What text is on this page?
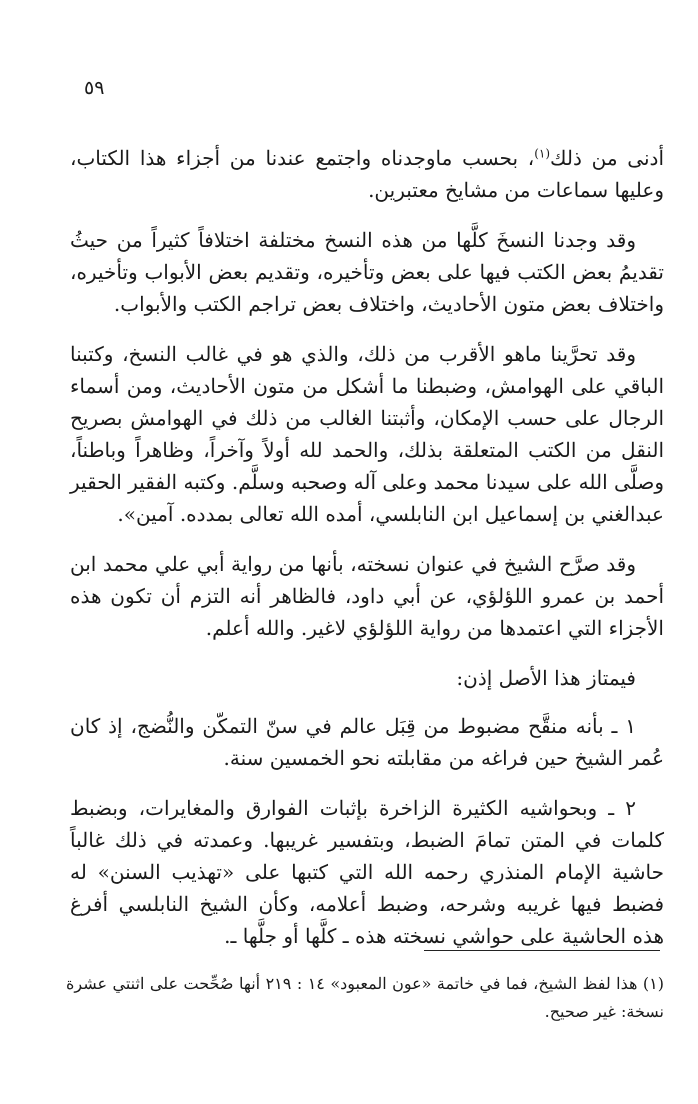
٥٩

أدنى من ذلك$^{(١)}$، بحسب ماوجدناه واجتمع عندنا من أجزاء هذا الكتاب، وعليها سماعات من مشايخ معتبرين.

وقد وجدنا النسخَ كلَّها من هذه النسخ مختلفة اختلافاً كثيراً من حيثُ تقديمُ بعض الكتب فيها على بعض وتأخيره، وتقديم بعض الأبواب وتأخيره، واختلاف بعض متون الأحاديث، واختلاف بعض تراجم الكتب والأبواب.

وقد تحرَّينا ماهو الأقرب من ذلك، والذي هو في غالب النسخ، وكتبنا الباقي على الهوامش، وضبطنا ما أشكل من متون الأحاديث، ومن أسماء الرجال على حسب الإمكان، وأثبتنا الغالب من ذلك في الهوامش بصريح النقل من الكتب المتعلقة بذلك، والحمد لله أولاً وآخراً، وظاهراً وباطناً، وصلَّى الله على سيدنا محمد وعلى آله وصحبه وسلَّم. وكتبه الفقير الحقير عبدالغني بن إسماعيل ابن النابلسي، أمده الله تعالى بمدده. آمين».

وقد صرَّح الشيخ في عنوان نسخته، بأنها من رواية أبي علي محمد ابن أحمد بن عمرو اللؤلؤي، عن أبي داود، فالظاهر أنه التزم أن تكون هذه الأجزاء التي اعتمدها من رواية اللؤلؤي لاغير. والله أعلم.

فيمتاز هذا الأصل إذن:

١ ـ بأنه منقَّح مضبوط من قِبَل عالم في سنّ التمكّن والنُّضج، إذ كان عُمر الشيخ حين فراغه من مقابلته نحو الخمسين سنة.

٢ ـ وبحواشيه الكثيرة الزاخرة بإثبات الفوارق والمغايرات، وبضبط كلمات في المتن تمامَ الضبط، وبتفسير غريبها. وعمدته في ذلك غالباً حاشية الإمام المنذري رحمه الله التي كتبها على «تهذيب السنن» له فضبط فيها غريبه وشرحه، وضبط أعلامه، وكأن الشيخ النابلسي أفرغ هذه الحاشية على حواشي نسخته هذه ـ كلَّها أو جلَّها ـ.

(١) هذا لفظ الشيخ، فما في خاتمة «عون المعبود» ١٤ : ٢١٩ أنها صُحِّحت على اثنتي عشرة نسخة: غير صحيح.
